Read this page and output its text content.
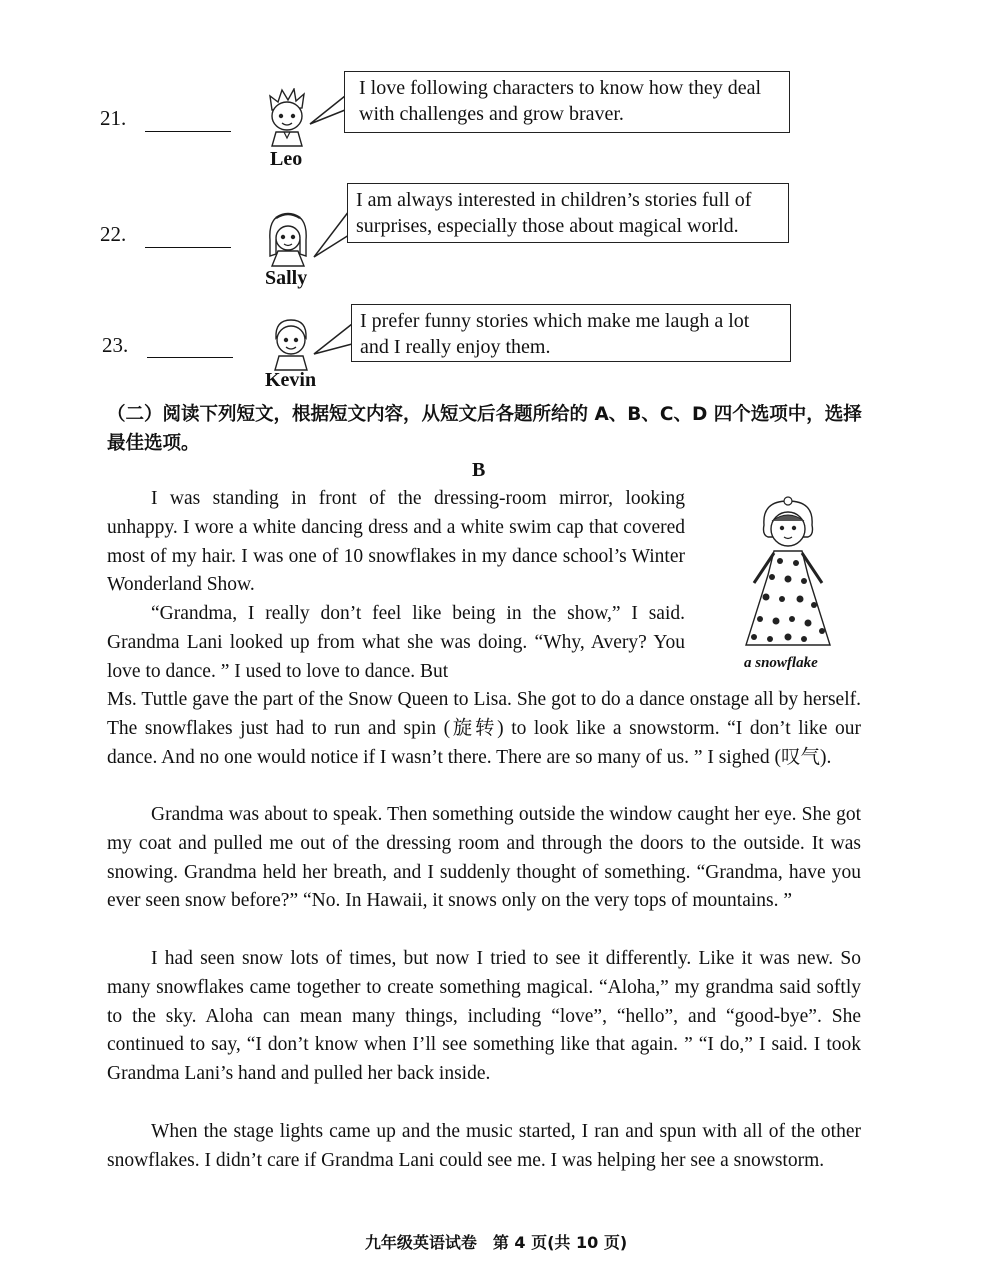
21.
Leo
I love following characters to know how they deal with challenges and grow braver.
22.
Sally
I am always interested in children’s stories full of surprises, especially those about magical world.
23.
Kevin
I prefer funny stories which make me laugh a lot and I really enjoy them.
（二）阅读下列短文，根据短文内容，从短文后各题所给的 A、B、C、D 四个选项中，选择最佳选项。
B
I was standing in front of the dressing-room mirror, looking unhappy. I wore a white dancing dress and a white swim cap that covered most of my hair. I was one of 10 snowflakes in my dance school’s Winter Wonderland Show.
“Grandma, I really don’t feel like being in the show,” I said. Grandma Lani looked up from what she was doing. “Why, Avery? You love to dance. ” I used to love to dance. But	a snowflake
Ms. Tuttle gave the part of the Snow Queen to Lisa. She got to do a dance onstage all by herself. The snowflakes just had to run and spin (旋转) to look like a snowstorm. “I don’t like our dance. And no one would notice if I wasn’t there. There are so many of us. ” I sighed (叹气).
Grandma was about to speak. Then something outside the window caught her eye. She got my coat and pulled me out of the dressing room and through the doors to the outside. It was snowing. Grandma held her breath, and I suddenly thought of something. “Grandma, have you ever seen snow before?” “No. In Hawaii, it snows only on the very tops of mountains. ”
I had seen snow lots of times, but now I tried to see it differently. Like it was new. So many snowflakes came together to create something magical. “Aloha,” my grandma said softly to the sky. Aloha can mean many things, including “love”, “hello”, and “good-bye”. She continued to say, “I don’t know when I’ll see something like that again. ” “I do,” I said. I took Grandma Lani’s hand and pulled her back inside.
When the stage lights came up and the music started, I ran and spun with all of the other snowflakes. I didn’t care if Grandma Lani could see me. I was helping her see a snowstorm.
九年级英语试卷　第 4 页(共 10 页)
